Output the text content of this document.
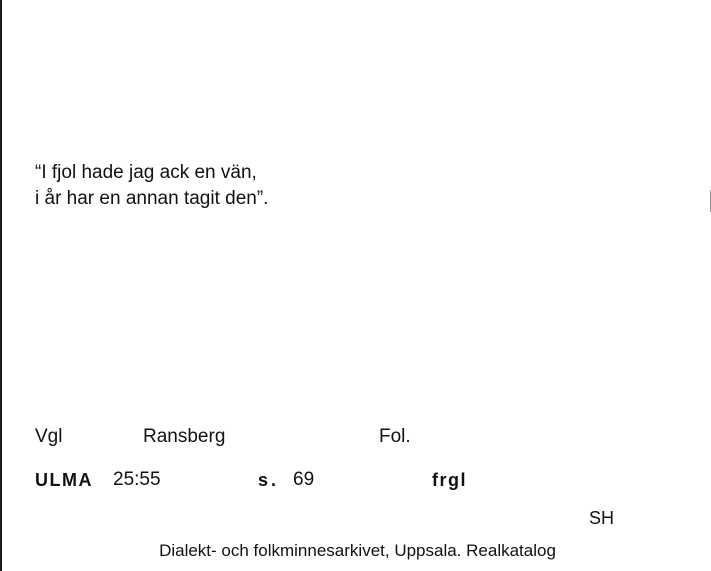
“I fjol hade jag ack en vän,
i år har en annan tagit den”.
Vgl	Ransberg	Fol.
ULMA 25:55	s. 69	frgl
SH
Dialekt- och folkminnesarkivet, Uppsala. Realkatalog
